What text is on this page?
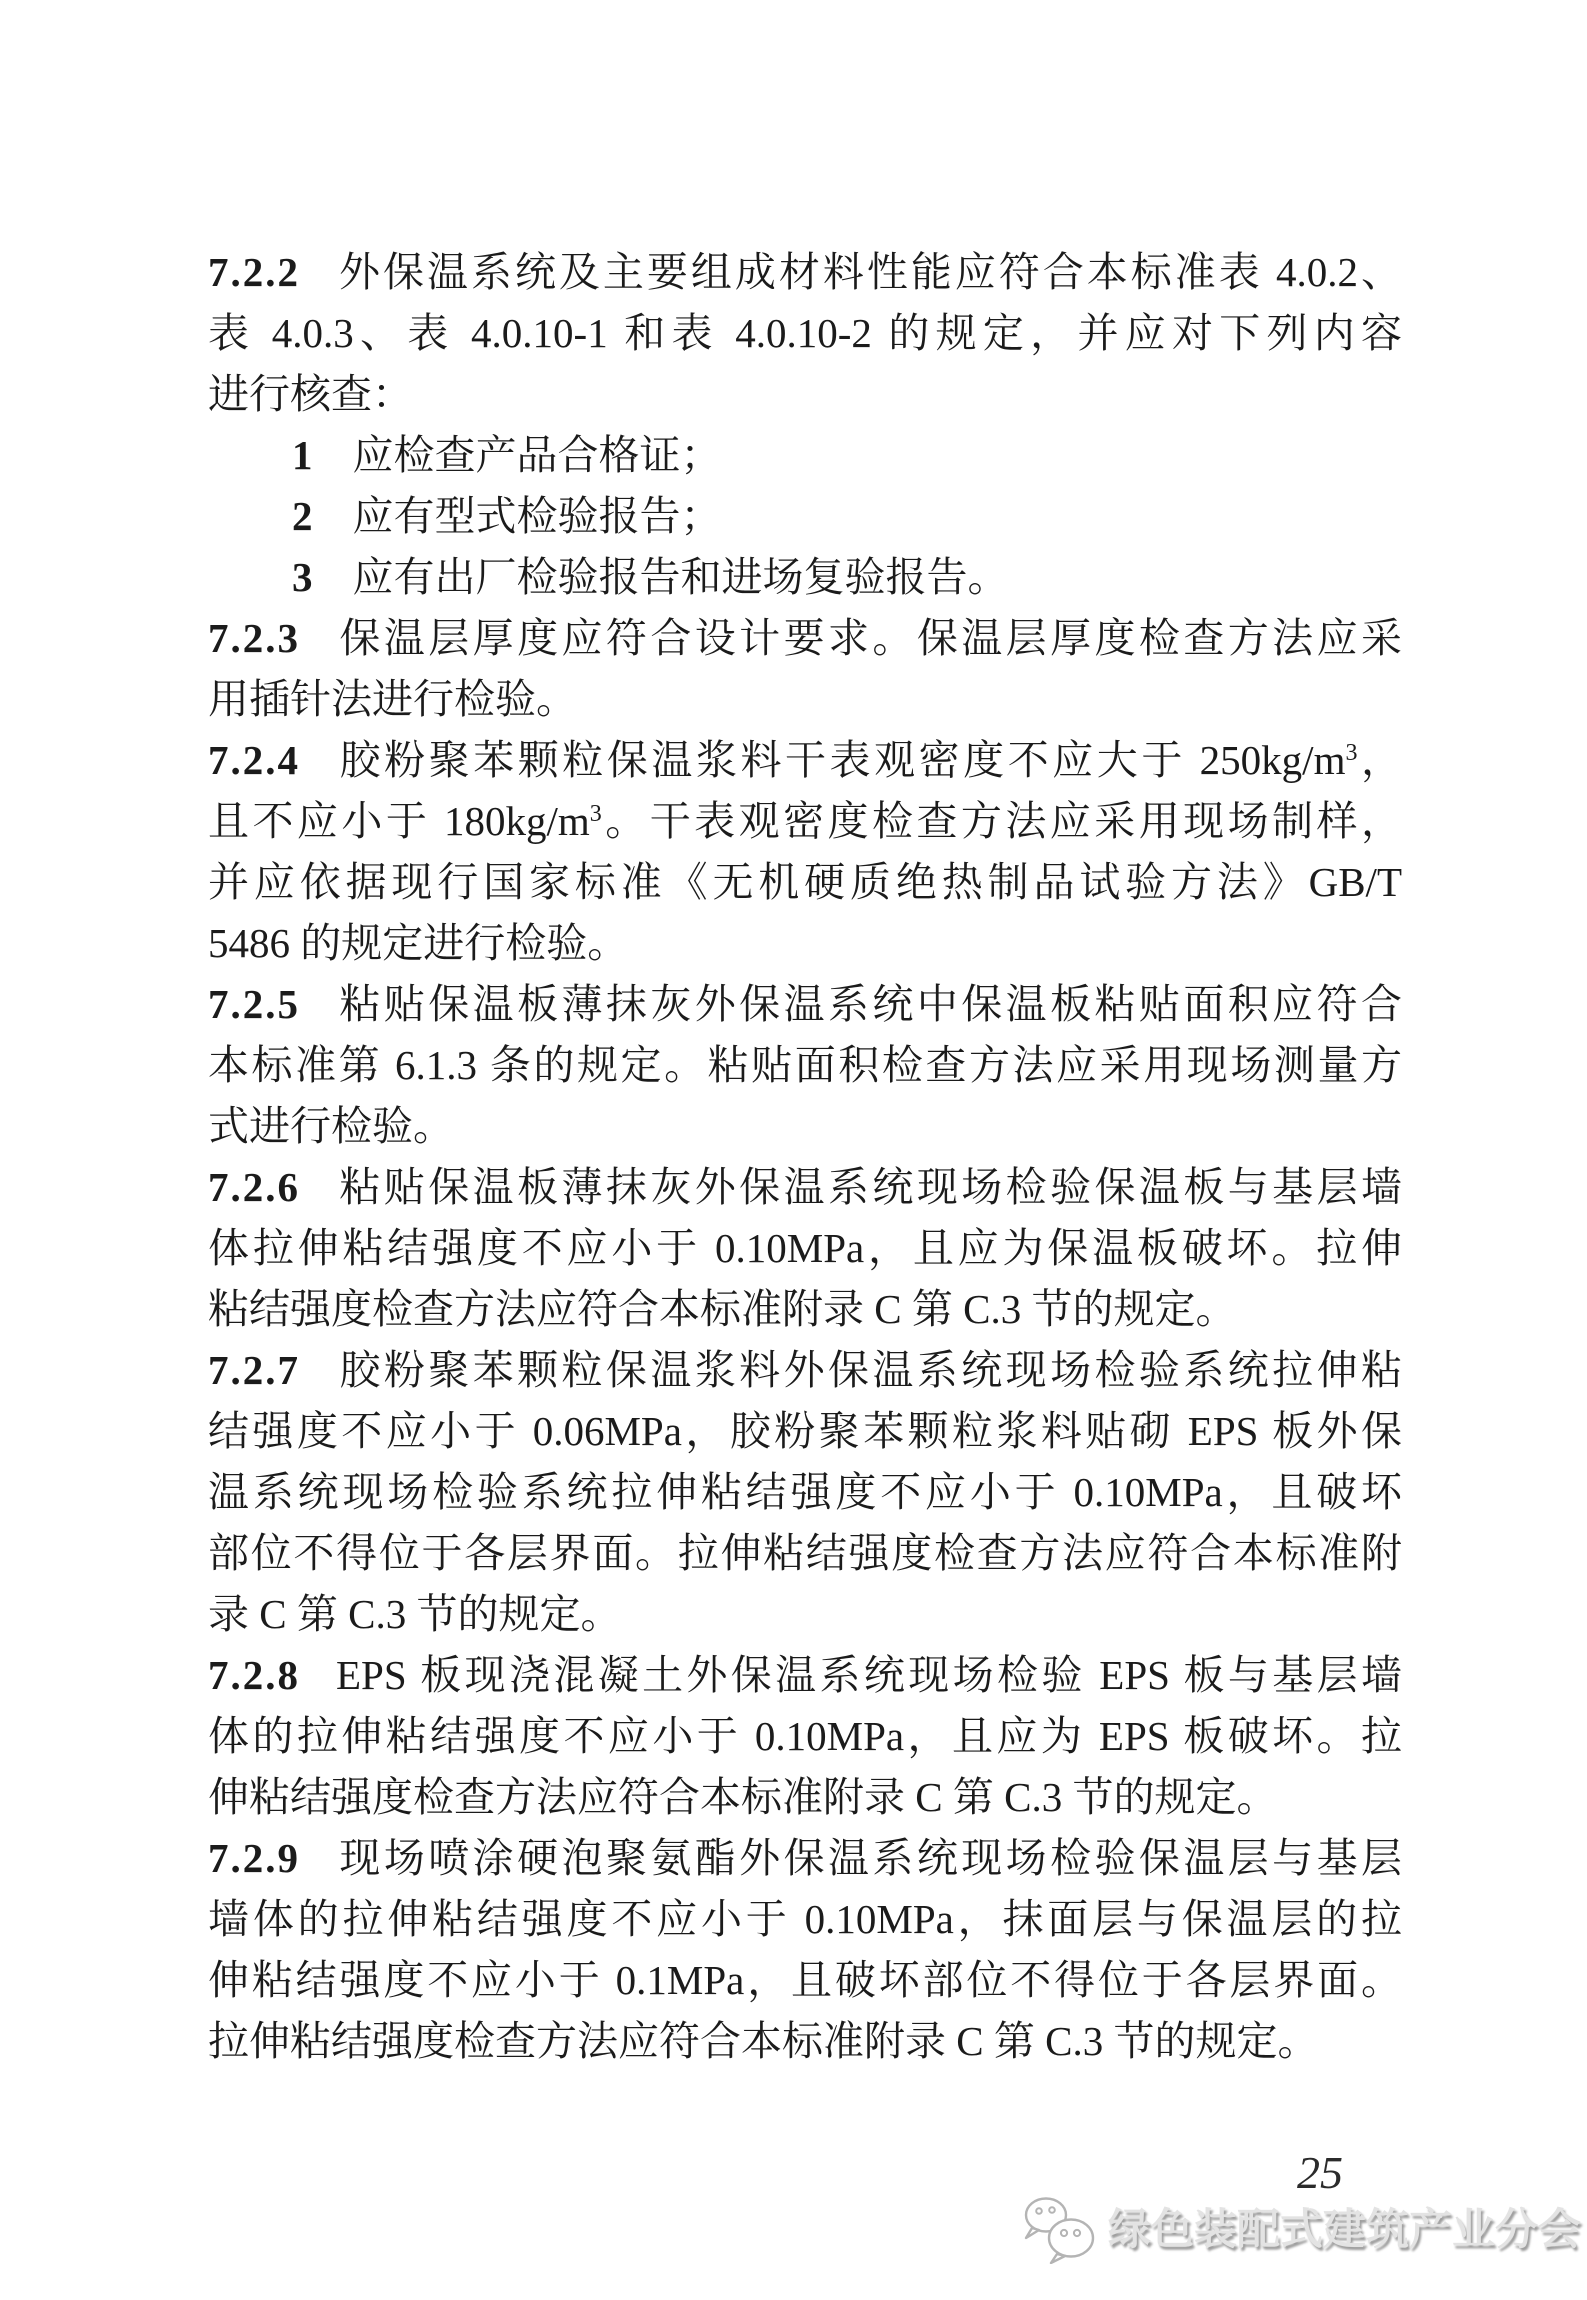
7.2.2 外保温系统及主要组成材料性能应符合本标准表 4.0.2、
表 4.0.3、表 4.0.10-1 和表 4.0.10-2 的规定，并应对下列内容
进行核查：
1 应检查产品合格证；
2 应有型式检验报告；
3 应有出厂检验报告和进场复验报告。
7.2.3 保温层厚度应符合设计要求。保温层厚度检查方法应采
用插针法进行检验。
7.2.4 胶粉聚苯颗粒保温浆料干表观密度不应大于 $250kg/m^3$，
且不应小于 $180kg/m^3$。干表观密度检查方法应采用现场制样，
并应依据现行国家标准《无机硬质绝热制品试验方法》GB/T
5486 的规定进行检验。
7.2.5 粘贴保温板薄抹灰外保温系统中保温板粘贴面积应符合
本标准第 6.1.3 条的规定。粘贴面积检查方法应采用现场测量方
式进行检验。
7.2.6 粘贴保温板薄抹灰外保温系统现场检验保温板与基层墙
体拉伸粘结强度不应小于 0.10MPa，且应为保温板破坏。拉伸
粘结强度检查方法应符合本标准附录 C 第 C.3 节的规定。
7.2.7 胶粉聚苯颗粒保温浆料外保温系统现场检验系统拉伸粘
结强度不应小于 0.06MPa，胶粉聚苯颗粒浆料贴砌 EPS 板外保
温系统现场检验系统拉伸粘结强度不应小于 0.10MPa，且破坏
部位不得位于各层界面。拉伸粘结强度检查方法应符合本标准附
录 C 第 C.3 节的规定。
7.2.8 EPS 板现浇混凝土外保温系统现场检验 EPS 板与基层墙
体的拉伸粘结强度不应小于 0.10MPa，且应为 EPS 板破坏。拉
伸粘结强度检查方法应符合本标准附录 C 第 C.3 节的规定。
7.2.9 现场喷涂硬泡聚氨酯外保温系统现场检验保温层与基层
墙体的拉伸粘结强度不应小于 0.10MPa，抹面层与保温层的拉
伸粘结强度不应小于 0.1MPa，且破坏部位不得位于各层界面。
拉伸粘结强度检查方法应符合本标准附录 C 第 C.3 节的规定。
25
绿色装配式建筑产业分会
